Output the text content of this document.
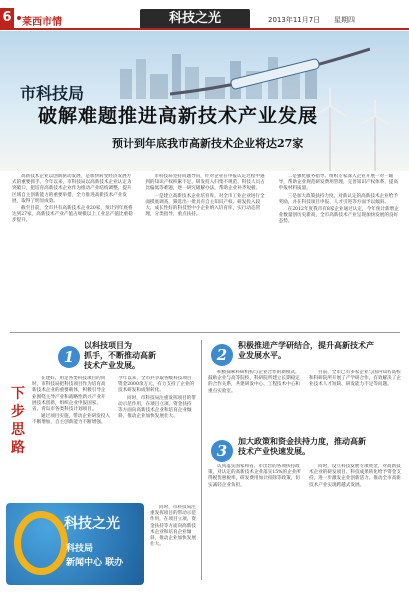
6 莱西市情	科技之光	2013年11月7日 星期四
市科技局
破解难题推进高新技术产业发展
预计到年底我市高新技术企业将达27家

高新技术企业以创新驱动发展，是加快转变经济发展方式的重要抓手。今年以来，市科技局以高新技术企业认定为突破口，把培育高新技术企业作为推动产业结构调整、提升区域自主创新能力的重要举措，全力推进高新技术产业发展，取得了明显成效。

截至目前，全市共有高新技术企业20家，预计到年底将达到27家，高新技术产业产值占规模以上工业总产值比重稳步提升。

市科技局坚持问题导向，针对企业在申报认定过程中遇到的知识产权积累不足、研发投入归集不规范、科技人员占比偏低等难题，逐一研究破解办法，帮助企业补齐短板。

一是建立高新技术企业培育库。对全市工业企业进行全面摸底调查，筛选出一批具有自主知识产权、研发投入较大、成长性好的科技型中小企业纳入培育库，实行动态管理，分类指导，重点扶持。

二是强化服务指导。组织专家深入企业开展一对一辅导，帮助企业规范研发费用管理，完善知识产权体系，提高申报材料质量。

三是加大政策扶持力度。对新认定的高新技术企业给予奖励，并在科技项目申报、人才引进等方面予以倾斜。

在2012年度我市有8家企业通过认定，今年预计新增企业数量创历史新高，全市高新技术产业呈现加快发展的良好态势。

1
以科技项目为
抓手，不断推动高新
技术产业发展。
下
步
思
路

在建好、用足各类科技项目的同时，市科技局把科技项目作为培育高新技术企业的重要载体，积极引导企业围绕主导产业和战略性新兴产业开展技术创新，组织企业申报国家、省、青岛市各类科技计划项目。

通过项目实施，带动企业研发投入不断增加，自主创新能力不断增强。今年以来，全市共争取各级科技项目资金2000余万元，有力支持了企业的技术研发和成果转化。

同时，市科技局注重发挥项目的带动示范作用，在项目立项、资金扶持等方面向高新技术企业和培育企业倾斜，推动企业加快发展壮大。

同时，市科技局注重发挥项目的带动示范作用，在项目立项、资金扶持等方面向高新技术企业和培育企业倾斜，推动企业加快发展壮大。

2
积极推进产学研结合，提升高新技术产
业发展水平。

积极探索科研机构与企业合作的新模式，鼓励企业与高等院校、科研院所建立长期稳定的合作关系，共建研发中心、工程技术中心和重点实验室。

目前，全市已有多家企业与国内知名高校和科研院所开展了产学研合作，有效解决了企业技术人才短缺、研发能力不足等问题。

3
加大政策和资金扶持力度，推动高新
技术产业快速发展。

认真落实国家和省、市出台的各项扶持政策，对认定的高新技术企业落实15%的企业所得税优惠税率，研发费用加计扣除等政策，切实减轻企业负担。

同时，设立科技发展专项资金，对高新技术企业的研发项目、科技成果转化给予资金支持，进一步激发企业创新活力，推动全市高新技术产业实现跨越式发展。

科技之光
科技局
新闻中心 联办
